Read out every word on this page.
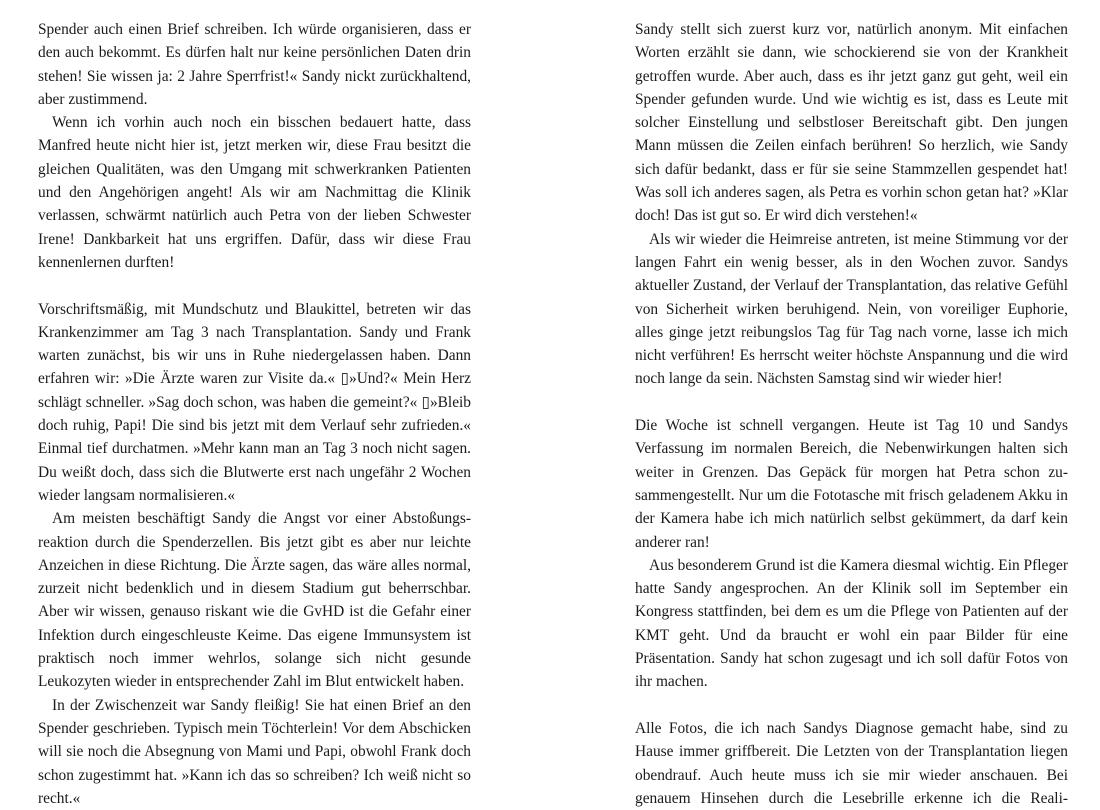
Spender auch einen Brief schreiben. Ich würde organisieren, dass er den auch bekommt. Es dürfen halt nur keine persönlichen Daten drin stehen! Sie wissen ja: 2 Jahre Sperrfrist!« Sandy nickt zurückhaltend, aber zustimmend.

Wenn ich vorhin auch noch ein bisschen bedauert hatte, dass Manfred heute nicht hier ist, jetzt merken wir, diese Frau besitzt die gleichen Qualitäten, was den Umgang mit schwerkranken Patienten und den Angehörigen angeht! Als wir am Nachmittag die Klinik verlassen, schwärmt natürlich auch Petra von der lieben Schwester Irene! Dankbarkeit hat uns ergriffen. Dafür, dass wir diese Frau kennenlernen durften!

Vorschriftsmäßig, mit Mundschutz und Blaukittel, betreten wir das Krankenzimmer am Tag 3 nach Transplantation. Sandy und Frank warten zunächst, bis wir uns in Ruhe niedergelassen haben. Dann erfahren wir: »Die Ärzte waren zur Visite da.« ▯»Und?« Mein Herz schlägt schneller. »Sag doch schon, was haben die gemeint?« ▯»Bleib doch ruhig, Papi! Die sind bis jetzt mit dem Verlauf sehr zufrieden.« Einmal tief durchatmen. »Mehr kann man an Tag 3 noch nicht sagen. Du weißt doch, dass sich die Blutwerte erst nach ungefähr 2 Wochen wieder langsam normalisieren.«

Am meisten beschäftigt Sandy die Angst vor einer Abstoßungsreaktion durch die Spenderzellen. Bis jetzt gibt es aber nur leichte Anzeichen in diese Richtung. Die Ärzte sagen, das wäre alles normal, zurzeit nicht bedenklich und in diesem Stadium gut beherrschbar. Aber wir wissen, genauso riskant wie die GvHD ist die Gefahr einer Infektion durch eingeschleuste Keime. Das eigene Immunsystem ist praktisch noch immer wehrlos, solange sich nicht gesunde Leukozyten wieder in entsprechender Zahl im Blut entwickelt haben.

In der Zwischenzeit war Sandy fleißig! Sie hat einen Brief an den Spender geschrieben. Typisch mein Töchterlein! Vor dem Abschicken will sie noch die Absegnung von Mami und Papi, obwohl Frank doch schon zugestimmt hat. »Kann ich das so schreiben? Ich weiß nicht so recht.«

Sandy stellt sich zuerst kurz vor, natürlich anonym. Mit einfachen Worten erzählt sie dann, wie schockierend sie von der Krankheit getroffen wurde. Aber auch, dass es ihr jetzt ganz gut geht, weil ein Spender gefunden wurde. Und wie wichtig es ist, dass es Leute mit solcher Einstellung und selbstloser Bereitschaft gibt. Den jungen Mann müssen die Zeilen einfach berühren! So herzlich, wie Sandy sich dafür bedankt, dass er für sie seine Stammzellen gespendet hat! Was soll ich anderes sagen, als Petra es vorhin schon getan hat? »Klar doch! Das ist gut so. Er wird dich verstehen!«

Als wir wieder die Heimreise antreten, ist meine Stimmung vor der langen Fahrt ein wenig besser, als in den Wochen zuvor. Sandys aktueller Zustand, der Verlauf der Transplantation, das relative Gefühl von Sicherheit wirken beruhigend. Nein, von voreiliger Euphorie, alles ginge jetzt reibungslos Tag für Tag nach vorne, lasse ich mich nicht verführen! Es herrscht weiter höchste Anspannung und die wird noch lange da sein. Nächsten Samstag sind wir wieder hier!

Die Woche ist schnell vergangen. Heute ist Tag 10 und Sandys Verfassung im normalen Bereich, die Nebenwirkungen halten sich weiter in Grenzen. Das Gepäck für morgen hat Petra schon zusammengestellt. Nur um die Fototasche mit frisch geladenem Akku in der Kamera habe ich mich natürlich selbst gekümmert, da darf kein anderer ran!

Aus besonderem Grund ist die Kamera diesmal wichtig. Ein Pfleger hatte Sandy angesprochen. An der Klinik soll im September ein Kongress stattfinden, bei dem es um die Pflege von Patienten auf der KMT geht. Und da braucht er wohl ein paar Bilder für eine Präsentation. Sandy hat schon zugesagt und ich soll dafür Fotos von ihr machen.

Alle Fotos, die ich nach Sandys Diagnose gemacht habe, sind zu Hause immer griffbereit. Die Letzten von der Transplantation liegen obendrauf. Auch heute muss ich sie mir wieder anschauen. Bei genauem Hinsehen durch die Lesebrille erkenne ich die Reali-
